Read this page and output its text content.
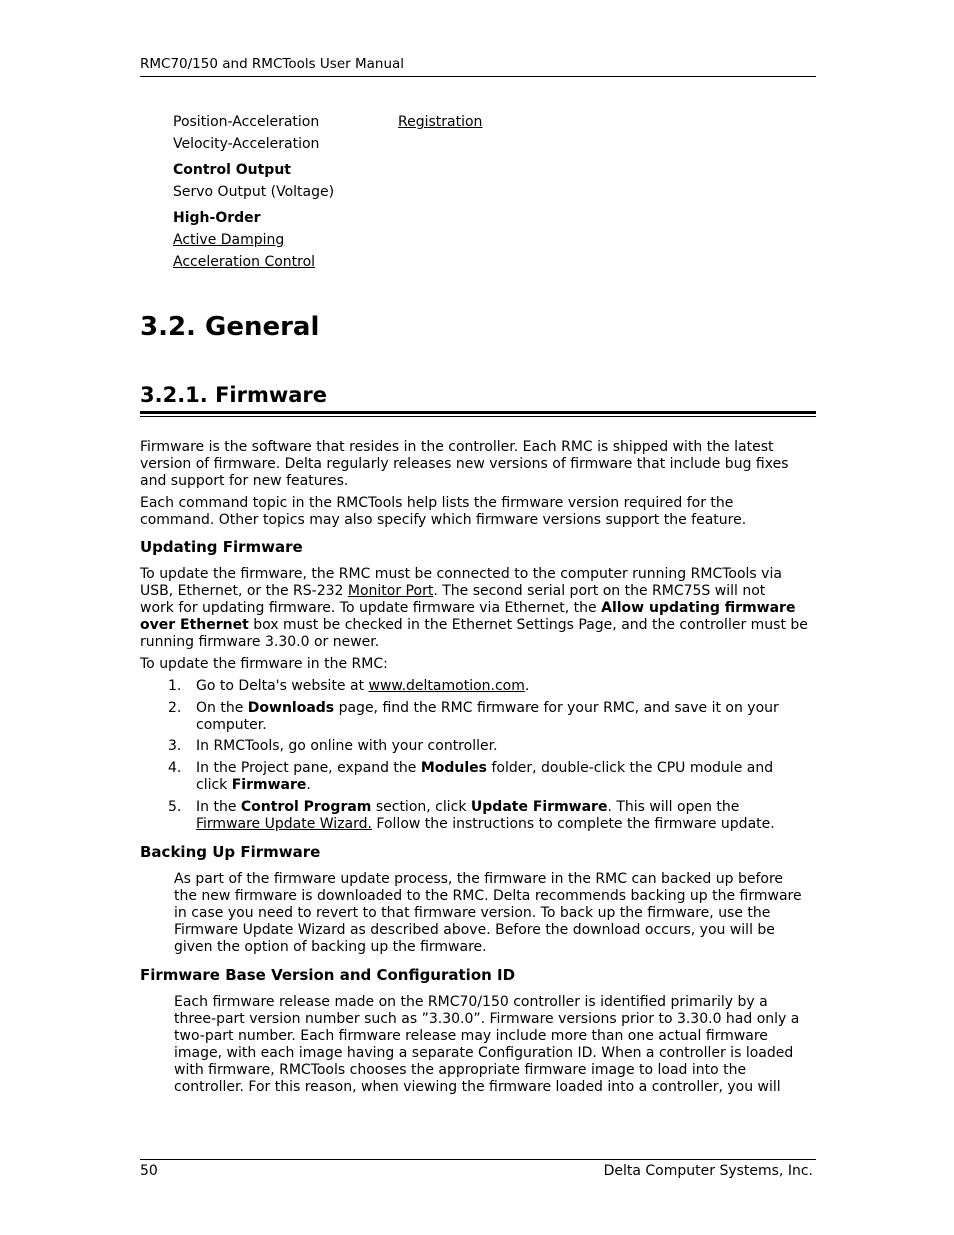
RMC70/150 and RMCTools User Manual
Position-Acceleration
Velocity-Acceleration
Control Output
Servo Output (Voltage)
High-Order
Active Damping
Acceleration Control
Registration
3.2. General
3.2.1. Firmware
Firmware is the software that resides in the controller. Each RMC is shipped with the latest
version of firmware. Delta regularly releases new versions of firmware that include bug fixes
and support for new features.
Each command topic in the RMCTools help lists the firmware version required for the
command. Other topics may also specify which firmware versions support the feature.
Updating Firmware
To update the firmware, the RMC must be connected to the computer running RMCTools via
USB, Ethernet, or the RS-232 Monitor Port. The second serial port on the RMC75S will not
work for updating firmware. To update firmware via Ethernet, the Allow updating firmware
over Ethernet box must be checked in the Ethernet Settings Page, and the controller must be
running firmware 3.30.0 or newer.
To update the firmware in the RMC:
1. Go to Delta's website at www.deltamotion.com.
2. On the Downloads page, find the RMC firmware for your RMC, and save it on your
computer.
3. In RMCTools, go online with your controller.
4. In the Project pane, expand the Modules folder, double-click the CPU module and
click Firmware.
5. In the Control Program section, click Update Firmware. This will open the
Firmware Update Wizard. Follow the instructions to complete the firmware update.
Backing Up Firmware
As part of the firmware update process, the firmware in the RMC can backed up before
the new firmware is downloaded to the RMC. Delta recommends backing up the firmware
in case you need to revert to that firmware version. To back up the firmware, use the
Firmware Update Wizard as described above. Before the download occurs, you will be
given the option of backing up the firmware.
Firmware Base Version and Configuration ID
Each firmware release made on the RMC70/150 controller is identified primarily by a
three-part version number such as ”3.30.0”. Firmware versions prior to 3.30.0 had only a
two-part number. Each firmware release may include more than one actual firmware
image, with each image having a separate Configuration ID. When a controller is loaded
with firmware, RMCTools chooses the appropriate firmware image to load into the
controller. For this reason, when viewing the firmware loaded into a controller, you will
50	Delta Computer Systems, Inc.
